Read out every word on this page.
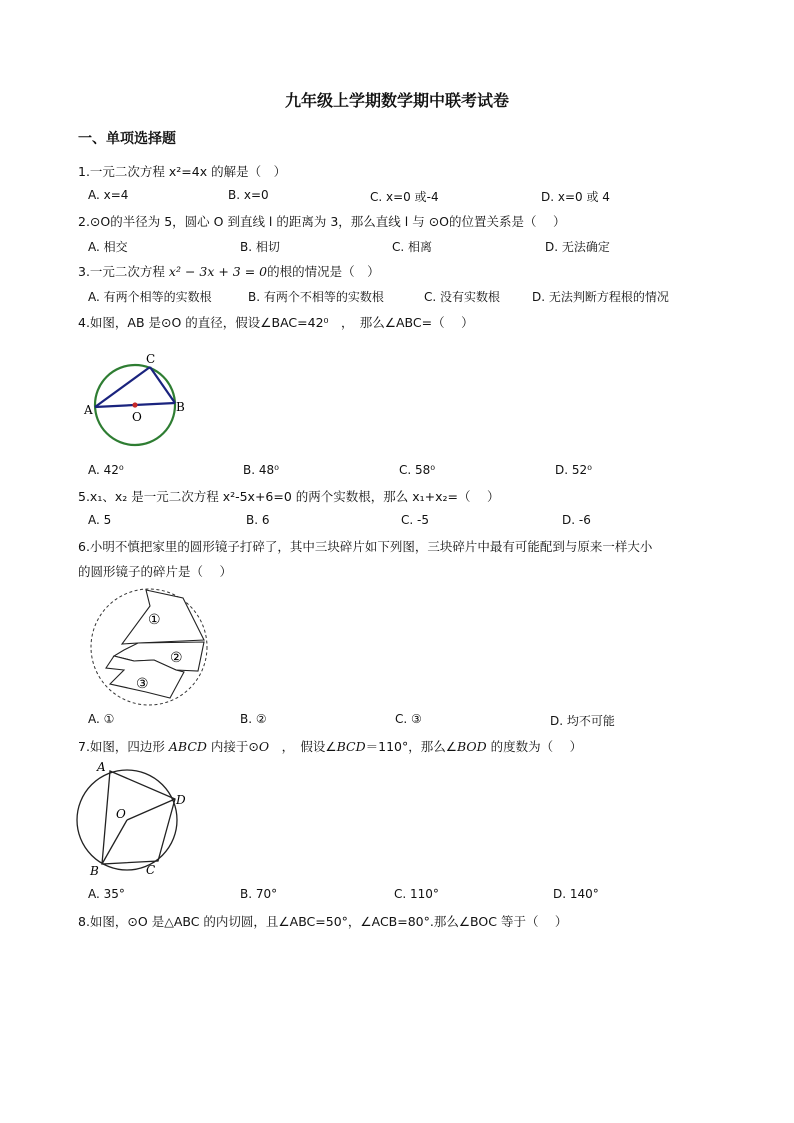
九年级上学期数学期中联考试卷
一、单项选择题
1.一元二次方程 x²=4x 的解是（　）
A. x=4	B. x=0	C. x=0 或-4	D. x=0 或 4
2.⊙O的半径为 5，圆心 O 到直线 l 的距离为 3，那么直线 l 与 ⊙O的位置关系是（　 ）
A. 相交	B. 相切	C. 相离	D. 无法确定
3.一元二次方程 x² − 3x + 3 = 0的根的情况是（　）
A. 有两个相等的实数根	B. 有两个不相等的实数根	C. 没有实数根	D. 无法判断方程根的情况
4.如图，AB 是⊙O 的直径，假设∠BAC=42⁰　，　那么∠ABC=（　 ）
A	B
C
O
A. 42⁰	B. 48⁰	C. 58⁰	D. 52⁰
5.x₁、x₂ 是一元二次方程 x²-5x+6=0 的两个实数根，那么 x₁+x₂=（　 ）
A. 5	B. 6	C. -5	D. -6
6.小明不慎把家里的圆形镜子打碎了，其中三块碎片如下列图，三块碎片中最有可能配到与原来一样大小
的圆形镜子的碎片是（　 ）
①
②
③
A. ①	B. ②	C. ③	D. 均不可能
7.如图，四边形 ABCD 内接于⊙O　，　假设∠BCD＝110°，那么∠BOD 的度数为（　 ）
A
B	C
D
O
A. 35°	B. 70°	C. 110°	D. 140°
8.如图，⊙O 是△ABC 的内切圆，且∠ABC=50°，∠ACB=80°.那么∠BOC 等于（　 ）
